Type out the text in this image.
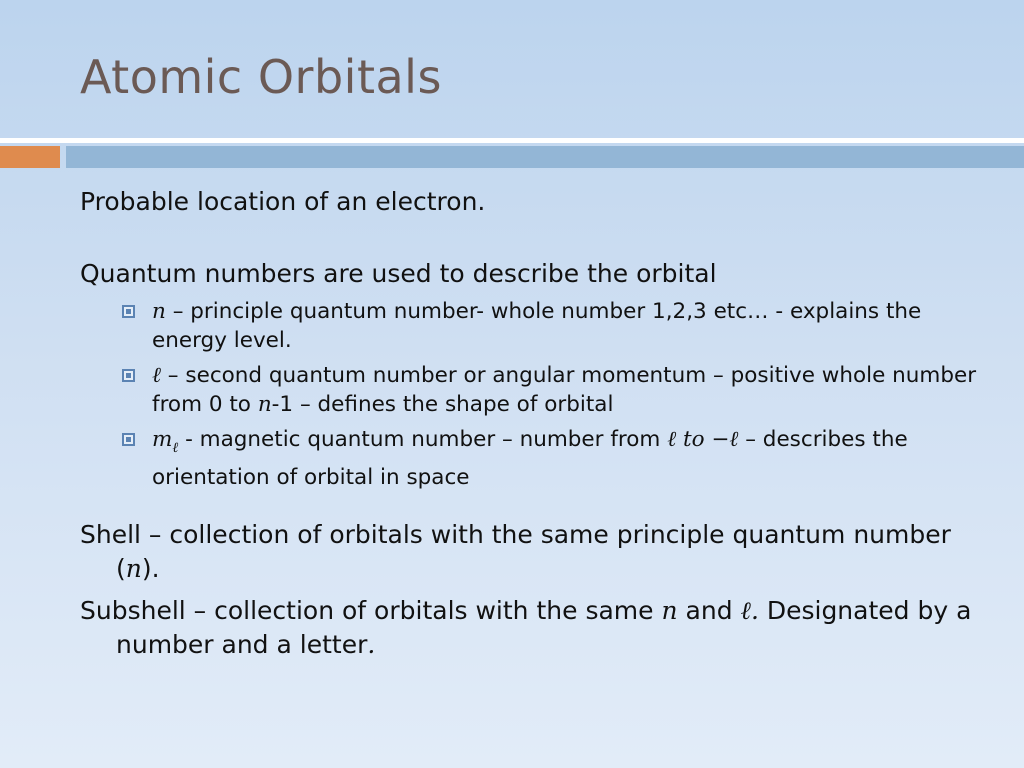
Atomic Orbitals

Probable location of an electron.

Quantum numbers are used to describe the orbital

n – principle quantum number- whole number 1,2,3 etc… - explains the energy level.
ℓ – second quantum number or angular momentum – positive whole number from 0 to n-1 – defines the shape of orbital
$m_\ell$ - magnetic quantum number – number from ℓ to −ℓ – describes the orientation of orbital in space

Shell – collection of orbitals with the same principle quantum number (n).

Subshell – collection of orbitals with the same n and ℓ. Designated by a number and a letter.
